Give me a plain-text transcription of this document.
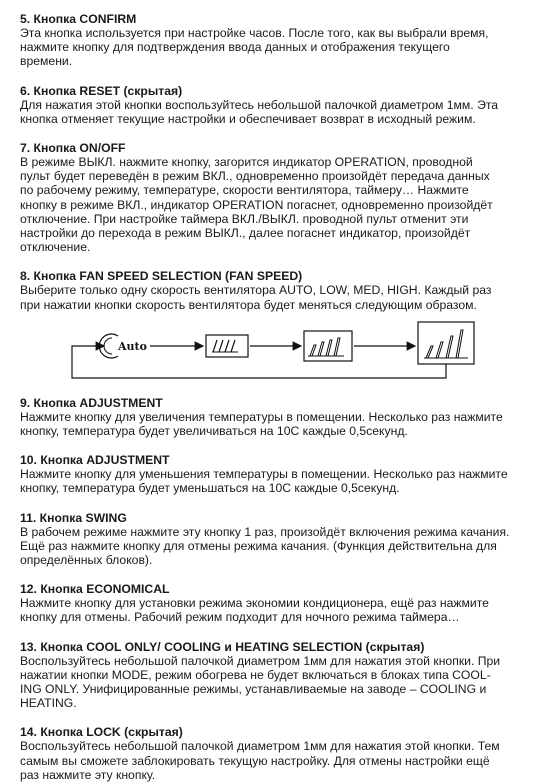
5. Кнопка CONFIRM

Эта кнопка используется при настройке часов. После того, как вы выбрали время,
нажмите кнопку для подтверждения ввода данных и отображения текущего
времени.

6. Кнопка RESET (скрытая)

Для нажатия этой кнопки воспользуйтесь небольшой палочкой диаметром 1мм. Эта
кнопка отменяет текущие настройки и обеспечивает возврат в исходный режим.

7. Кнопка ON/OFF

В режиме ВЫКЛ. нажмите кнопку, загорится индикатор OPERATION, проводной
пульт будет переведён в режим ВКЛ., одновременно произойдёт передача данных
по рабочему режиму, температуре, скорости вентилятора, таймеру… Нажмите
кнопку в режиме ВКЛ., индикатор OPERATION погаснет, одновременно произойдёт
отключение. При настройке таймера ВКЛ./ВЫКЛ. проводной пульт отменит эти
настройки до перехода в режим ВЫКЛ., далее погаснет индикатор, произойдёт
отключение.

8. Кнопка FAN SPEED SELECTION (FAN SPEED)

Выберите только одну скорость вентилятора AUTO, LOW, MED, HIGH. Каждый раз
при нажатии кнопки скорость вентилятора будет меняться следующим образом.

Auto
9. Кнопка ADJUSTMENT

Нажмите кнопку для увеличения температуры в помещении. Несколько раз нажмите
кнопку, температура будет увеличиваться на 10С каждые 0,5секунд.

10. Кнопка ADJUSTMENT

Нажмите кнопку для уменьшения температуры в помещении. Несколько раз нажмите
кнопку, температура будет уменьшаться на 10С каждые 0,5секунд.

11. Кнопка SWING

В рабочем режиме нажмите эту кнопку 1 раз, произойдёт включения режима качания.
Ещё раз нажмите кнопку для отмены режима качания. (Функция действительна для
определённых блоков).

12. Кнопка ECONOMICAL

Нажмите кнопку для установки режима экономии кондиционера, ещё раз нажмите
кнопку для отмены. Рабочий режим подходит для ночного режима таймера…

13. Кнопка COOL ONLY/ COOLING и HEATING SELECTION (скрытая)

Воспользуйтесь небольшой палочкой диаметром 1мм для нажатия этой кнопки. При
нажатии кнопки MODE, режим обогрева не будет включаться в блоках типа COOL-
ING ONLY. Унифицированные режимы, устанавливаемые на заводе – COOLING и
HEATING.

14. Кнопка LOCK (скрытая)

Воспользуйтесь небольшой палочкой диаметром 1мм для нажатия этой кнопки. Тем
самым вы сможете заблокировать текущую настройку. Для отмены настройки ещё
раз нажмите эту кнопку.
